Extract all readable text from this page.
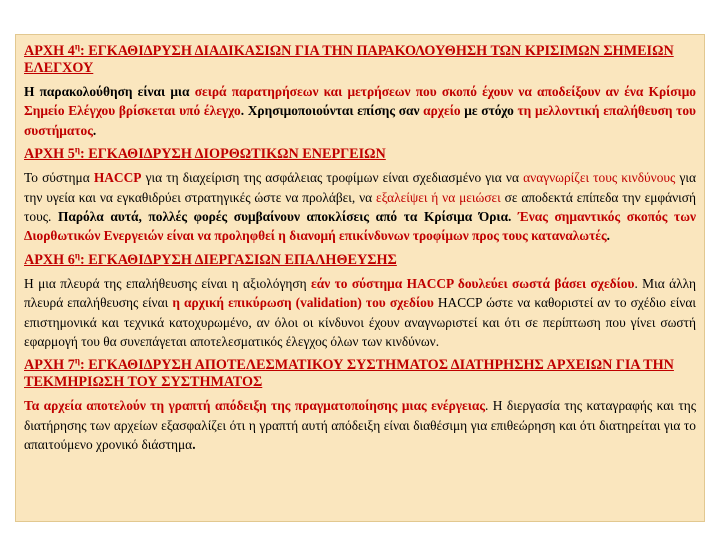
ΑΡΧΗ $4^\eta$: ΕΓΚΑΘΙΔΡΥΣΗ ΔΙΑΔΙΚΑΣΙΩΝ ΓΙΑ ΤΗΝ ΠΑΡΑΚΟΛΟΥΘΗΣΗ ΤΩΝ ΚΡΙΣΙΜΩΝ ΣΗΜΕΙΩΝ ΕΛΕΓΧΟΥ

Η παρακολούθηση είναι μια σειρά παρατηρήσεων και μετρήσεων που σκοπό έχουν να αποδείξουν αν ένα Κρίσιμο Σημείο Ελέγχου βρίσκεται υπό έλεγχο. Χρησιμοποιούνται επίσης σαν αρχείο με στόχο τη μελλοντική επαλήθευση του συστήματος.

ΑΡΧΗ $5^\eta$: ΕΓΚΑΘΙΔΡΥΣΗ ΔΙΟΡΘΩΤΙΚΩΝ ΕΝΕΡΓΕΙΩΝ

Το σύστημα HACCP για τη διαχείριση της ασφάλειας τροφίμων είναι σχεδιασμένο για να αναγνωρίζει τους κινδύνους για την υγεία και να εγκαθιδρύει στρατηγικές ώστε να προλάβει, να εξαλείψει ή να μειώσει σε αποδεκτά επίπεδα την εμφάνισή τους. Παρόλα αυτά, πολλές φορές συμβαίνουν αποκλίσεις από τα Κρίσιμα Όρια. Ένας σημαντικός σκοπός των Διορθωτικών Ενεργειών είναι να προληφθεί η διανομή επικίνδυνων τροφίμων προς τους καταναλωτές.

ΑΡΧΗ $6^\eta$: ΕΓΚΑΘΙΔΡΥΣΗ ΔΙΕΡΓΑΣΙΩΝ ΕΠΑΛΗΘΕΥΣΗΣ

Η μια πλευρά της επαλήθευσης είναι η αξιολόγηση εάν το σύστημα HACCP δουλεύει σωστά βάσει σχεδίου. Μια άλλη πλευρά επαλήθευσης είναι η αρχική επικύρωση (validation) του σχεδίου HACCP ώστε να καθοριστεί αν το σχέδιο είναι επιστημονικά και τεχνικά κατοχυρωμένο, αν όλοι οι κίνδυνοι έχουν αναγνωριστεί και ότι σε περίπτωση που γίνει σωστή εφαρμογή του θα συνεπάγεται αποτελεσματικός έλεγχος όλων των κινδύνων.

ΑΡΧΗ $7^\eta$: ΕΓΚΑΘΙΔΡΥΣΗ ΑΠΟΤΕΛΕΣΜΑΤΙΚΟΥ ΣΥΣΤΗΜΑΤΟΣ ΔΙΑΤΗΡΗΣΗΣ ΑΡΧΕΙΩΝ ΓΙΑ ΤΗΝ ΤΕΚΜΗΡΙΩΣΗ ΤΟΥ ΣΥΣΤΗΜΑΤΟΣ

Τα αρχεία αποτελούν τη γραπτή απόδειξη της πραγματοποίησης μιας ενέργειας. Η διεργασία της καταγραφής και της διατήρησης των αρχείων εξασφαλίζει ότι η γραπτή αυτή απόδειξη είναι διαθέσιμη για επιθεώρηση και ότι διατηρείται για το απαιτούμενο χρονικό διάστημα.
